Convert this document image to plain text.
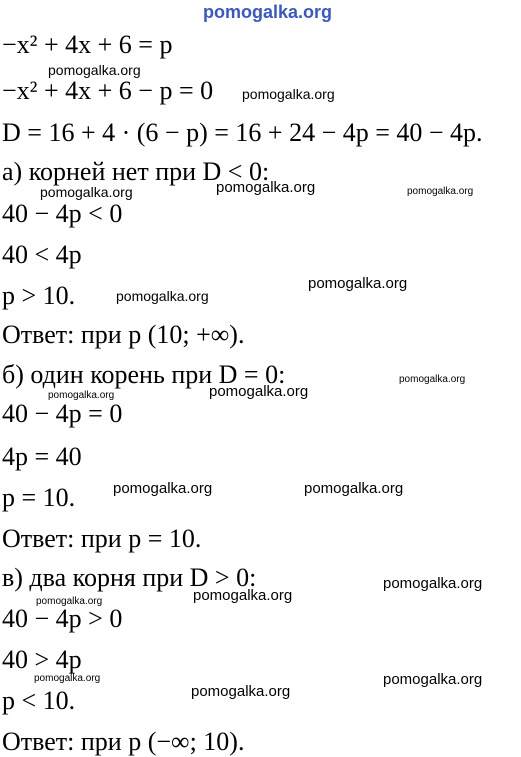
pomogalka.org
−x² + 4x + 6 = p
−x² + 4x + 6 − p = 0
D = 16 + 4 · (6 − p) = 16 + 24 − 4p = 40 − 4p.
а) корней нет при D < 0:
40 − 4p < 0
40 < 4p
p > 10.
Ответ: при p (10; +∞).
б) один корень при D = 0:
40 − 4p = 0
4p = 40
p = 10.
Ответ: при p = 10.
в) два корня при D > 0:
40 − 4p > 0
40 > 4p
p < 10.
Ответ: при p (−∞; 10).
pomogalka.org
pomogalka.org
pomogalka.org	pomogalka.org
pomogalka.org
pomogalka.org
pomogalka.org
pomogalka.org
pomogalka.org
pomogalka.org
pomogalka.org	pomogalka.org
pomogalka.org
pomogalka.org
pomogalka.org
pomogalka.org
pomogalka.org
pomogalka.org
